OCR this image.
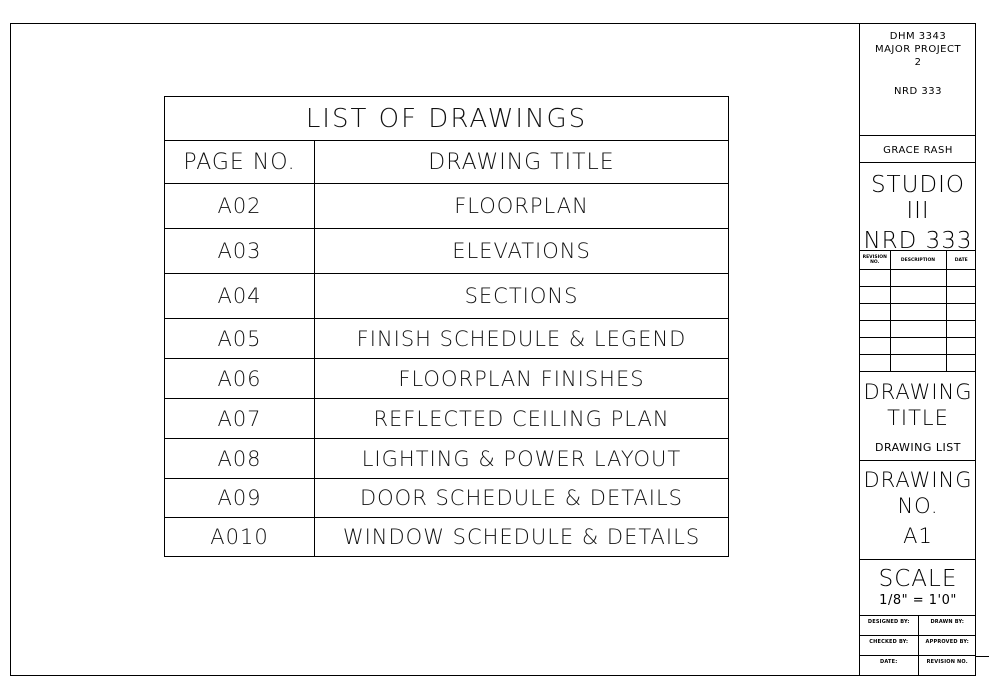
LIST OF DRAWINGS	
PAGE NO.	DRAWING TITLE
A02	FLOORPLAN
A03	ELEVATIONS
A04	SECTIONS
A05	FINISH SCHEDULE & LEGEND
A06	FLOORPLAN FINISHES
A07	REFLECTED CEILING PLAN
A08	LIGHTING & POWER LAYOUT
A09	DOOR SCHEDULE & DETAILS
A010	WINDOW SCHEDULE & DETAILS
DHM 3343
MAJOR PROJECT
2
NRD 333
GRACE RASH
STUDIO
III
NRD 333
REVISION NO.	DESCRIPTION	DATE

DRAWING
TITLE
DRAWING LIST
DRAWING
NO.
A1
SCALE
1/8" = 1'0"
DESIGNED BY:	DRAWN BY:
CHECKED BY:	APPROVED BY:
DATE:	REVISION NO.
